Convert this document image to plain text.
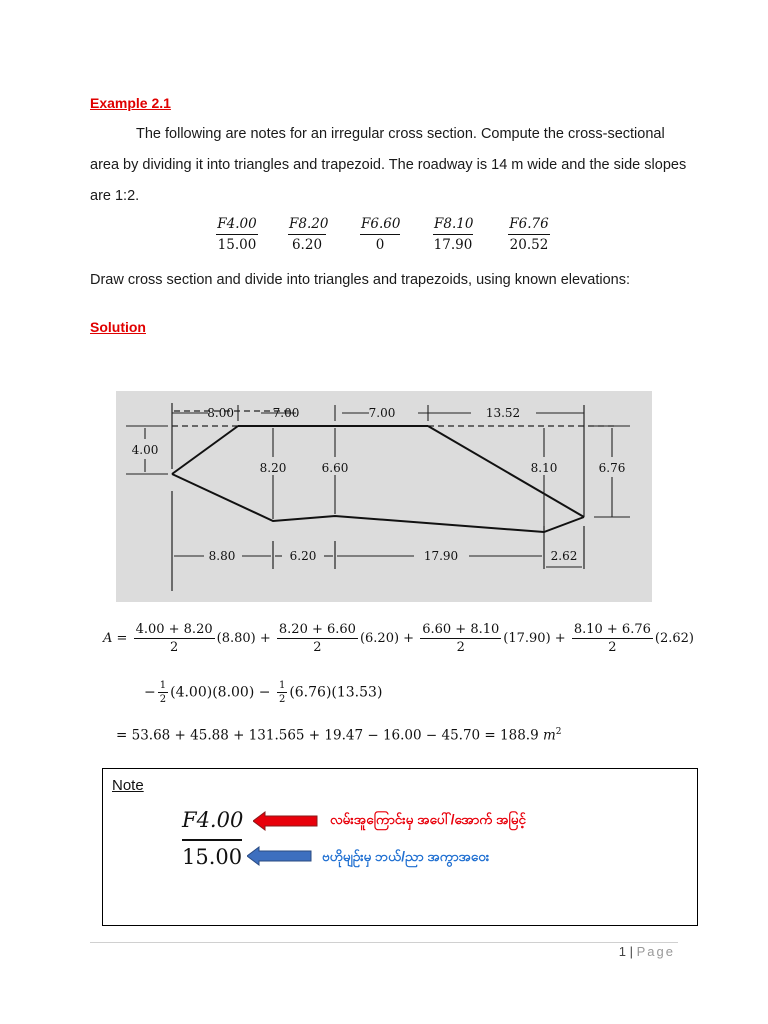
Example 2.1
The following are notes for an irregular cross section. Compute the cross-sectional
area by dividing it into triangles and trapezoid. The roadway is 14 m wide and the side slopes
are 1:2.
$\frac{F4.00}{15.00} \frac{F8.20}{6.20}$	$\frac{F6.60}{0} \frac{F8.10}{17.90}$	$\frac{F6.76}{20.52}$
Draw cross section and divide into triangles and trapezoids, using known elevations:
Solution
8.00	7.00	7.00	13.52
4.00
8.20	6.60	8.10	6.76
8.80	6.20	17.90	2.62
$A = \frac{4.00 + 8.20}{2} (8.80) + \frac{8.20 + 6.60}{2} (6.20) + \frac{6.60 + 8.10}{2} (17.90) + \frac{8.10 + 6.76}{2} (2.62)$
− $\frac{1}{2} (4.00)(8.00) - \frac{1}{2} (6.76)(13.53)$
= 53.68 + 45.88 + 131.565 + 19.47 − 16.00 − 45.70 = 188.9 $m^2$
Note
F4.00
15.00
လမ်းအူကြောင်းမှ အပေါ်/အောက် အမြင့်
ဗဟိုမျဥ်းမှ ဘယ်/ညာ အကွာအဝေး
1 | Page
